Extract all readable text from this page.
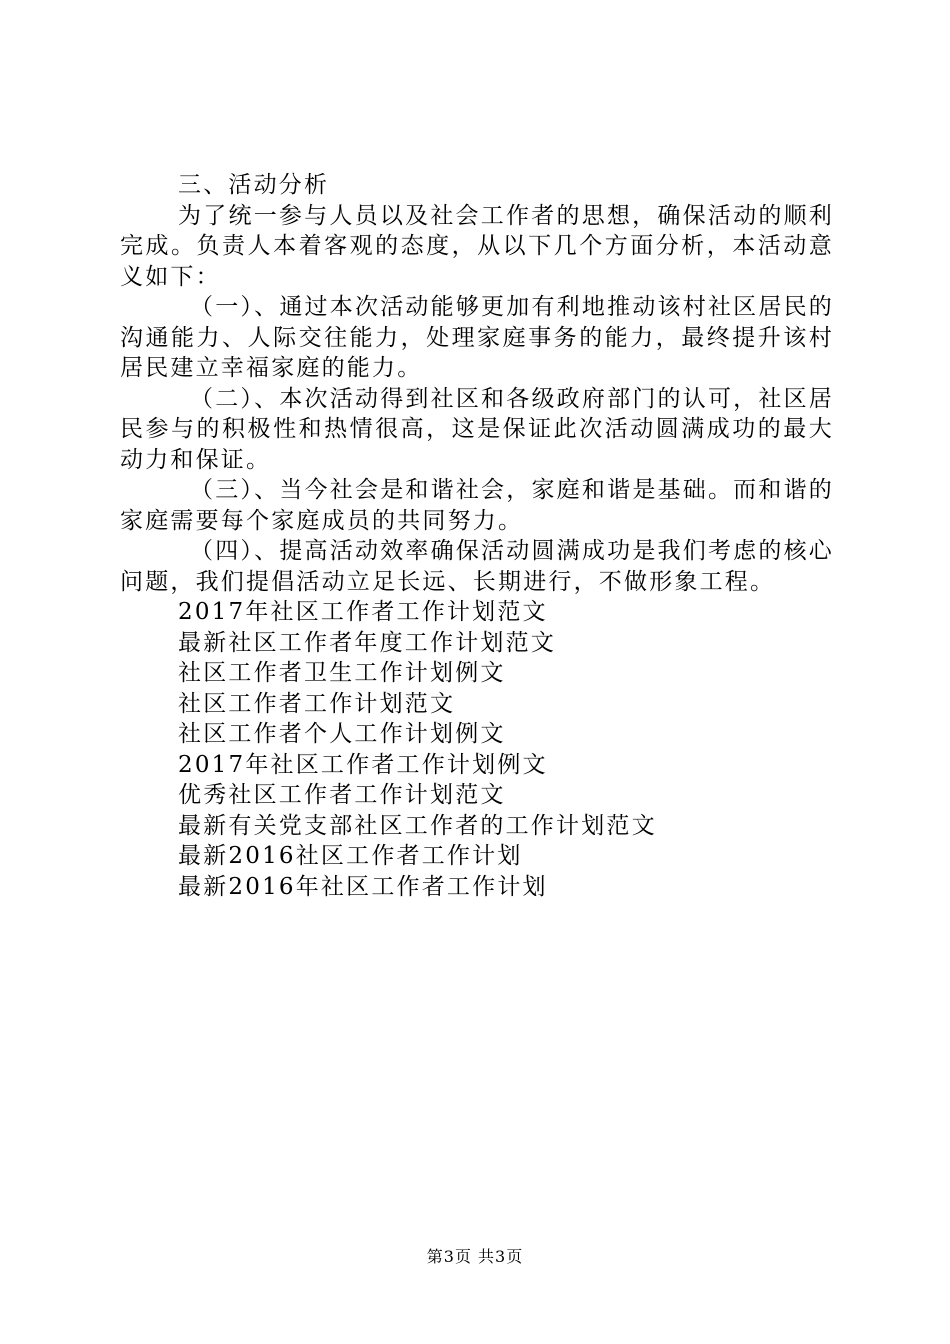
三、活动分析

为了统一参与人员以及社会工作者的思想，确保活动的顺利完成。负责人本着客观的态度，从以下几个方面分析，本活动意义如下：

（一）、通过本次活动能够更加有利地推动该村社区居民的沟通能力、人际交往能力，处理家庭事务的能力，最终提升该村居民建立幸福家庭的能力。

（二）、本次活动得到社区和各级政府部门的认可，社区居民参与的积极性和热情很高，这是保证此次活动圆满成功的最大动力和保证。

（三）、当今社会是和谐社会，家庭和谐是基础。而和谐的家庭需要每个家庭成员的共同努力。

（四）、提高活动效率确保活动圆满成功是我们考虑的核心问题，我们提倡活动立足长远、长期进行，不做形象工程。

2017年社区工作者工作计划范文
最新社区工作者年度工作计划范文
社区工作者卫生工作计划例文
社区工作者工作计划范文
社区工作者个人工作计划例文
2017年社区工作者工作计划例文
优秀社区工作者工作计划范文
最新有关党支部社区工作者的工作计划范文
最新2016社区工作者工作计划
最新2016年社区工作者工作计划
第3页 共3页
